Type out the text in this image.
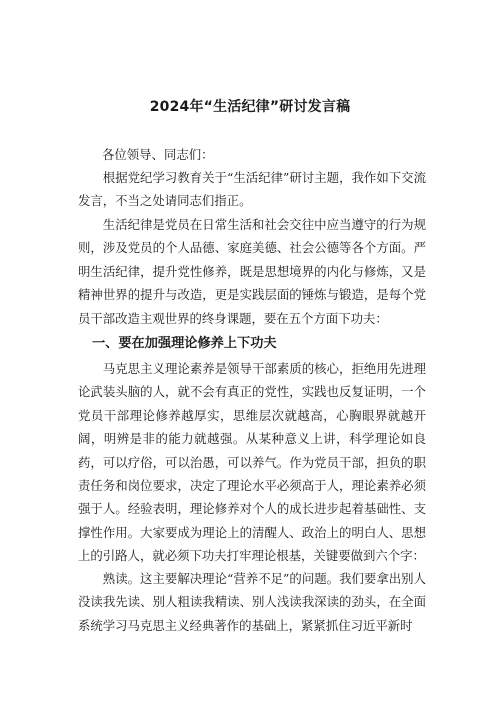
2024年“生活纪律”研讨发言稿
各位领导、同志们：
根据党纪学习教育关于“生活纪律”研讨主题，我作如下交流发言，不当之处请同志们指正。
生活纪律是党员在日常生活和社会交往中应当遵守的行为规则，涉及党员的个人品德、家庭美德、社会公德等各个方面。严明生活纪律，提升党性修养，既是思想境界的内化与修炼，又是精神世界的提升与改造，更是实践层面的锤炼与锻造，是每个党员干部改造主观世界的终身课题，要在五个方面下功夫：
一、要在加强理论修养上下功夫
马克思主义理论素养是领导干部素质的核心，拒绝用先进理论武装头脑的人，就不会有真正的党性，实践也反复证明，一个党员干部理论修养越厚实，思维层次就越高，心胸眼界就越开阔，明辨是非的能力就越强。从某种意义上讲，科学理论如良药，可以疗俗，可以治愚，可以养气。作为党员干部，担负的职责任务和岗位要求，决定了理论水平必须高于人，理论素养必须强于人。经验表明，理论修养对个人的成长进步起着基础性、支撑性作用。大家要成为理论上的清醒人、政治上的明白人、思想上的引路人，就必须下功夫打牢理论根基，关键要做到六个字：
熟读。这主要解决理论“营养不足”的问题。我们要拿出别人没读我先读、别人粗读我精读、别人浅读我深读的劲头，在全面系统学习马克思主义经典著作的基础上，紧紧抓住习近平新时
